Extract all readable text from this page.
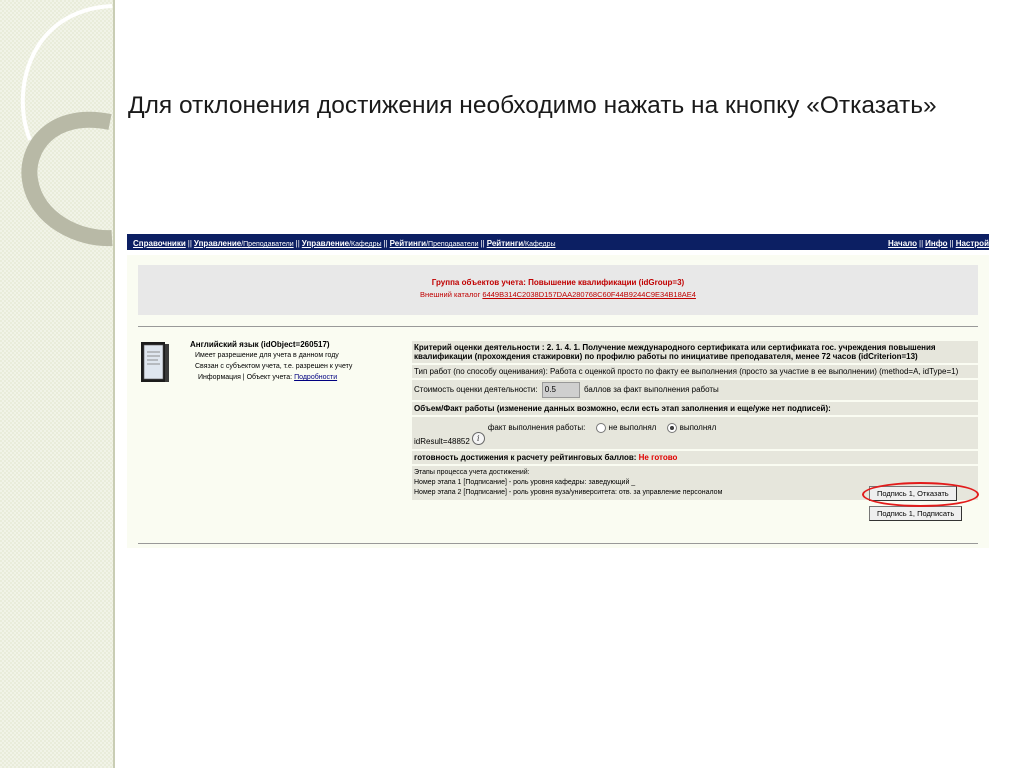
Для отклонения достижения необходимо нажать на кнопку «Отказать»
Справочники || Управление/Преподаватели || Управление/Кафедры || Рейтинги/Преподаватели || Рейтинги/Кафедры	Начало || Инфо || Настрой
Группа объектов учета: Повышение квалификации (idGroup=3)
Внешний каталог 6449B314C2038D157DAA280768C60F44B9244C9E34B18AE4
Английский язык (idObject=260517)
Имеет разрешение для учета в данном году
Связан с субъектом учета, т.е. разрешен к учету
Информация | Объект учета: Подробности
Критерий оценки деятельности : 2. 1. 4. 1. Получение международного сертификата или сертификата гос. учреждения повышения квалификации (прохождения стажировки) по профилю работы по инициативе преподавателя, менее 72 часов (idCriterion=13)
Тип работ (по способу оценивания): Работа с оценкой просто по факту ее выполнения (просто за участие в ее выполнении) (method=A, idType=1)
Стоимость оценки деятельности: 0.5	баллов за факт выполнения работы
Объем/Факт работы (изменение данных возможно, если есть этап заполнения и еще/уже нет подписей):

idResult=48852 i
факт выполнения работы:	не выполнял	выполнял

готовность достижения к расчету рейтинговых баллов: Не готово

Этапы процесса учета достижений:
Номер этапа 1 [Подписание] - роль уровня кафедры: заведующий _
Номер этапа 2 [Подписание] - роль уровня вуза/университета: отв. за управление персоналом	Подпись 1, Отказать
Подпись 1, Подписать
